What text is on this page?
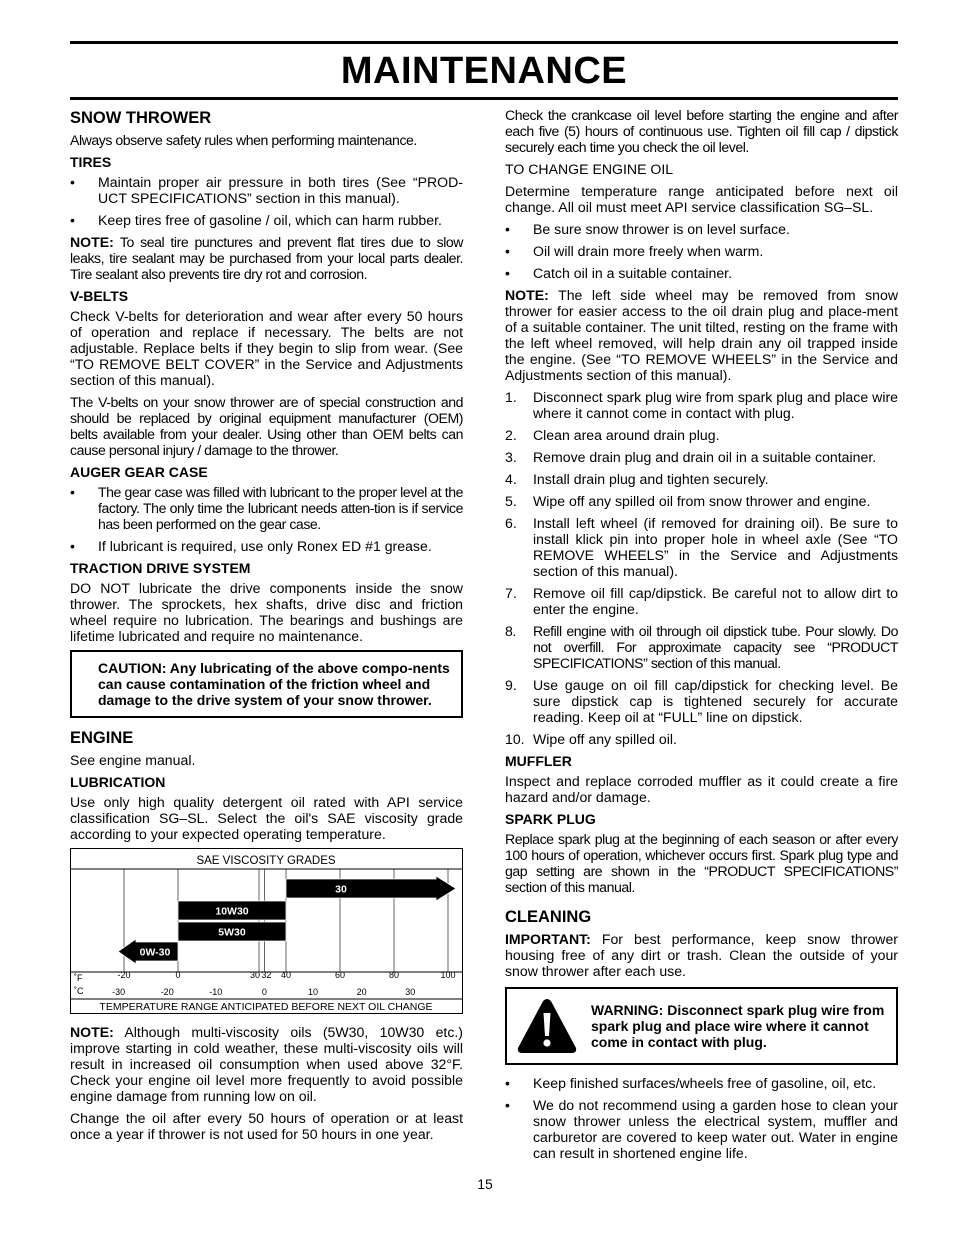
MAINTENANCE
SNOW THROWER

Always observe safety rules when performing maintenance.

TIRES
•	Maintain proper air pressure in both tires (See “PROD-UCT SPECIFICATIONS” section in this manual).
•	Keep tires free of gasoline / oil, which can harm rubber.

NOTE: To seal tire punctures and prevent flat tires due to slow leaks, tire sealant may be purchased from your local parts dealer. Tire sealant also prevents tire dry rot and corrosion.

V-BELTS

Check V-belts for deterioration and wear after every 50 hours of operation and replace if necessary. The belts are not adjustable. Replace belts if they begin to slip from wear. (See “TO REMOVE BELT COVER” in the Service and Adjustments section of this manual).

The V-belts on your snow thrower are of special construction and should be replaced by original equipment manufacturer (OEM) belts available from your dealer. Using other than OEM belts can cause personal injury / damage to the thrower.

AUGER GEAR CASE
•	The gear case was filled with lubricant to the proper level at the factory. The only time the lubricant needs atten-tion is if service has been performed on the gear case.
•	If lubricant is required, use only Ronex ED #1 grease.
TRACTION DRIVE SYSTEM

DO NOT lubricate the drive components inside the snow thrower. The sprockets, hex shafts, drive disc and friction wheel require no lubrication. The bearings and bushings are lifetime lubricated and require no maintenance.

CAUTION: Any lubricating of the above compo-nents can cause contamination of the friction wheel and damage to the drive system of your snow thrower.
ENGINE

See engine manual.

LUBRICATION

Use only high quality detergent oil rated with API service classification SG–SL. Select the oil's SAE viscosity grade according to your expected operating temperature.

SAE VISCOSITY GRADES
30
10W30
5W30
0W-30
˚F	-20	0	30 32 40	60	80	100
˚C	-30	-20	-10	0	10	20	30
TEMPERATURE RANGE ANTICIPATED BEFORE NEXT OIL CHANGE

NOTE: Although multi-viscosity oils (5W30, 10W30 etc.) improve starting in cold weather, these multi-viscosity oils will result in increased oil consumption when used above 32°F. Check your engine oil level more frequently to avoid possible engine damage from running low on oil.

Change the oil after every 50 hours of operation or at least once a year if thrower is not used for 50 hours in one year.

Check the crankcase oil level before starting the engine and after each five (5) hours of continuous use. Tighten oil fill cap / dipstick securely each time you check the oil level.

TO CHANGE ENGINE OIL

Determine temperature range anticipated before next oil change. All oil must meet API service classification SG–SL.

•	Be sure snow thrower is on level surface.
•	Oil will drain more freely when warm.
•	Catch oil in a suitable container.

NOTE: The left side wheel may be removed from snow thrower for easier access to the oil drain plug and place-ment of a suitable container. The unit tilted, resting on the frame with the left wheel removed, will help drain any oil trapped inside the engine. (See “TO REMOVE WHEELS” in the Service and Adjustments section of this manual).

1.	Disconnect spark plug wire from spark plug and place wire where it cannot come in contact with plug.
2.	Clean area around drain plug.
3.	Remove drain plug and drain oil in a suitable container.
4.	Install drain plug and tighten securely.
5.	Wipe off any spilled oil from snow thrower and engine.
6.	Install left wheel (if removed for draining oil). Be sure to install klick pin into proper hole in wheel axle (See “TO REMOVE WHEELS” in the Service and Adjustments section of this manual).
7.	Remove oil fill cap/dipstick. Be careful not to allow dirt to enter the engine.
8.	Refill engine with oil through oil dipstick tube. Pour slowly. Do not overfill. For approximate capacity see “PRODUCT SPECIFICATIONS” section of this manual.
9.	Use gauge on oil fill cap/dipstick for checking level. Be sure dipstick cap is tightened securely for accurate reading. Keep oil at “FULL” line on dipstick.
10. Wipe off any spilled oil.
MUFFLER

Inspect and replace corroded muffler as it could create a fire hazard and/or damage.

SPARK PLUG

Replace spark plug at the beginning of each season or after every 100 hours of operation, whichever occurs first. Spark plug type and gap setting are shown in the “PRODUCT SPECIFICATIONS” section of this manual.

CLEANING

IMPORTANT: For best performance, keep snow thrower housing free of any dirt or trash. Clean the outside of your snow thrower after each use.

WARNING: Disconnect spark plug wire from spark plug and place wire where it cannot come in contact with plug.
•	Keep finished surfaces/wheels free of gasoline, oil, etc.
•	We do not recommend using a garden hose to clean your snow thrower unless the electrical system, muffler and carburetor are covered to keep water out. Water in engine can result in shortened engine life.
15
